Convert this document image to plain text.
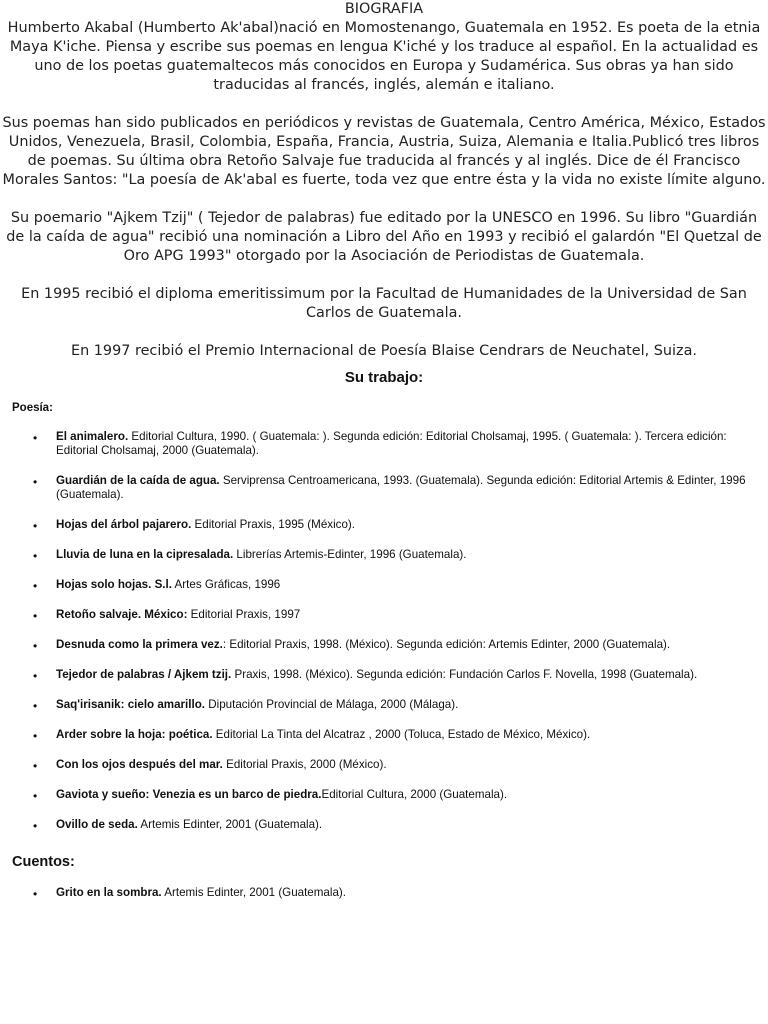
BIOGRAFIA

Humberto Akabal (Humberto Ak'abal)nació en Momostenango, Guatemala en 1952. Es poeta de la etnia Maya K'iche. Piensa y escribe sus poemas en lengua K'iché y los traduce al español. En la actualidad es uno de los poetas guatemaltecos más conocidos en Europa y Sudamérica. Sus obras ya han sido traducidas al francés, inglés, alemán e italiano.

Sus poemas han sido publicados en periódicos y revistas de Guatemala, Centro América, México, Estados Unidos, Venezuela, Brasil, Colombia, España, Francia, Austria, Suiza, Alemania e Italia.Publicó tres libros de poemas. Su última obra Retoño Salvaje fue traducida al francés y al inglés. Dice de él Francisco Morales Santos: "La poesía de Ak'abal es fuerte, toda vez que entre ésta y la vida no existe límite alguno.

Su poemario "Ajkem Tzij" ( Tejedor de palabras) fue editado por la UNESCO en 1996. Su libro "Guardián de la caída de agua" recibió una nominación a Libro del Año en 1993 y recibió el galardón "El Quetzal de Oro APG 1993" otorgado por la Asociación de Periodistas de Guatemala.

En 1995 recibió el diploma emeritissimum por la Facultad de Humanidades de la Universidad de San Carlos de Guatemala.

En 1997 recibió el Premio Internacional de Poesía Blaise Cendrars de Neuchatel, Suiza.

Su trabajo:
Poesía:
• El animalero. Editorial Cultura, 1990. ( Guatemala: ). Segunda edición: Editorial Cholsamaj, 1995. ( Guatemala: ). Tercera edición: Editorial Cholsamaj, 2000 (Guatemala).
• Guardián de la caída de agua. Serviprensa Centroamericana, 1993. (Guatemala). Segunda edición: Editorial Artemis & Edinter, 1996 (Guatemala).
• Hojas del árbol pajarero. Editorial Praxis, 1995 (México).
• Lluvia de luna en la cipresalada. Librerías Artemis-Edinter, 1996 (Guatemala).
• Hojas solo hojas. S.l. Artes Gráficas, 1996
• Retoño salvaje. México: Editorial Praxis, 1997
• Desnuda como la primera vez.: Editorial Praxis, 1998. (México). Segunda edición: Artemis Edinter, 2000 (Guatemala).
• Tejedor de palabras / Ajkem tzij. Praxis, 1998. (México). Segunda edición: Fundación Carlos F. Novella, 1998 (Guatemala).
• Saq'irisanik: cielo amarillo. Diputación Provincial de Málaga, 2000 (Málaga).
• Arder sobre la hoja: poética. Editorial La Tinta del Alcatraz , 2000 (Toluca, Estado de México, México).
• Con los ojos después del mar. Editorial Praxis, 2000 (México).
• Gaviota y sueño: Venezia es un barco de piedra.Editorial Cultura, 2000 (Guatemala).
• Ovillo de seda. Artemis Edinter, 2001 (Guatemala).
Cuentos:
• Grito en la sombra. Artemis Edinter, 2001 (Guatemala).
